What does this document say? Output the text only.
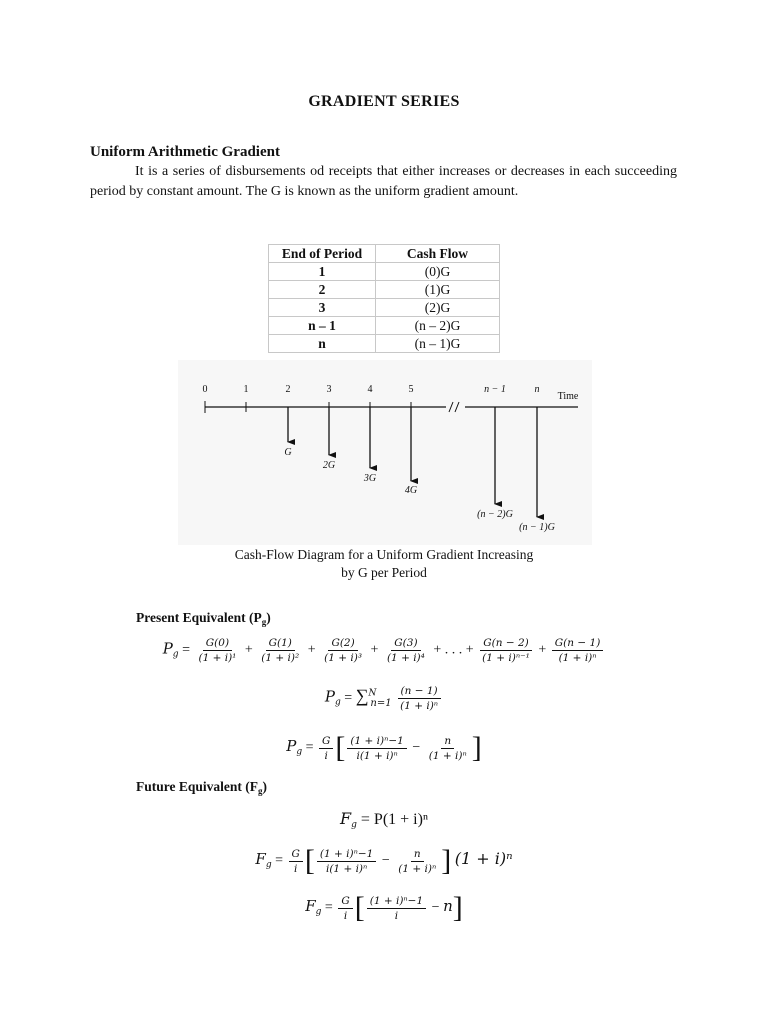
GRADIENT SERIES
Uniform Arithmetic Gradient
It is a series of disbursements od receipts that either increases or decreases in each succeeding period by constant amount. The G is known as the uniform gradient amount.
End of Period	Cash Flow
1	(0)G
2	(1)G
3	(2)G
n – 1	(n – 2)G
n	(n – 1)G
0	1	2	3	4	5	n − 1	n
Time
G
2G
3G
4G
(n − 2)G
(n − 1)G
Cash-Flow Diagram for a Uniform Gradient Increasing
by G per Period
Present Equivalent $(P_g)$
$P_g = \frac{G(0)}{\text{(1 + i)¹}} + \frac{G(1)}{\text{(1 + i)²}} + \frac{G(2)}{\text{(1 + i)³}} + \frac{G(3)}{\text{(1 + i)⁴}}$ + . . . + $\frac{G(n - 2)}{\text{(1 + i)ⁿ⁻¹}} + \frac{G(n - 1)}{\text{(1 + i)ⁿ}}$
$P_g = \sum^N_{n=1} \frac{(n - 1)}{\text{(1 + i)ⁿ}}$
$P_g = \frac{G}{i}$ [ $\frac{\text{(1 + i)ⁿ−1}}{\text{i(1 + i)ⁿ}} - \frac{n}{\text{(1 + i)ⁿ}}$ ]
Future Equivalent $(F_g)$
$F_g = P(1 + i)^n$
$F_g = \frac{G}{i}$ [ $\frac{\text{(1 + i)ⁿ−1}}{\text{i(1 + i)ⁿ}} - \frac{n}{\text{(1 + i)ⁿ}}$ ] (1 + i)ⁿ
$F_g = \frac{G}{i}$ [ $\frac{\text{(1 + i)ⁿ−1}}{i} - n$]
